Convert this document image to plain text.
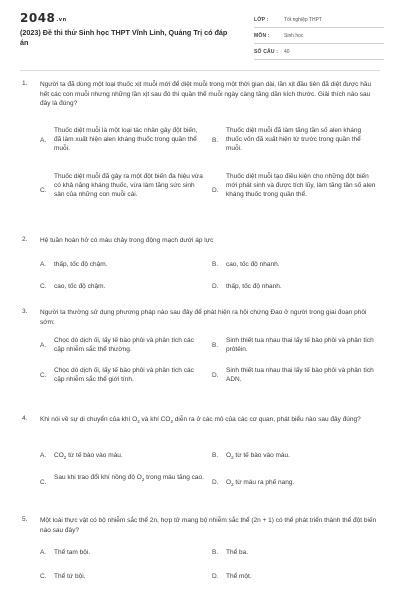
2048.vn
(2023) Đề thi thử Sinh học THPT Vĩnh Linh, Quảng Trị có đáp án
LỚP :	Tốt nghiệp THPT
MÔN :	Sinh học
SỐ CÂU : 40
1. Người ta đã dùng một loại thuốc xịt muỗi mới để diệt muỗi trong một thời gian dài, lần xịt đầu tiên đã diệt được hầu hết các con muỗi nhưng những lần xịt sau đó thì quần thể muỗi ngày càng tăng dần kích thước. Giải thích nào sau đây là đúng?
A.
Thuốc diệt muỗi là một loại tác nhân gây đột biến, đã làm xuất hiện alen kháng thuốc trong quần thể muỗi.
B.
Thuốc diệt muỗi đã làm tăng tần số alen kháng thuốc vốn đã xuất hiện từ trước trong quần thể muỗi.
C.
Thuốc diệt muỗi đã gây ra một đột biến đa hiệu vừa có khả năng kháng thuốc, vừa làm tăng sức sinh sản của những con muỗi cái.
D.
Thuốc diệt muỗi tạo điều kiện cho những đột biến mới phát sinh và được tích lũy, làm tăng tần số alen kháng thuốc trong quần thể.
2. Hệ tuần hoàn hở có máu chảy trong động mạch dưới áp lực
A. thấp, tốc độ chậm.	B. cao, tốc độ nhanh.
C. cao, tốc độ chậm.	D. thấp, tốc độ nhanh.
3. Người ta thường sử dụng phương pháp nào sau đây để phát hiện ra hội chứng Đao ở người trong giai đoạn phôi sớm:
A.
Chọc dò dịch ối, lấy tế bào phôi và phân tích các cặp nhiễm sắc thể thường.
B.
Sinh thiết tua nhau thai lấy tế bào phôi và phân tích prôtêin.
C.
Chọc dò dịch ối, lấy tế bào phôi và phân tích các cặp nhiễm sắc thể giới tính.
D.
Sinh thiết tua nhau thai lấy tế bào phôi và phân tích ADN.
4. Khi nói về sự di chuyển của khí $O_2$ và khí $CO_2$ diễn ra ở các mô của các cơ quan, phát biểu nào sau đây đúng?
A. $CO_2$ từ tế bào vào máu.	B. $O_2$ từ tế bào vào máu.
C.
Sau khi trao đổi khí nồng độ $O_2$ trong máu tăng cao.
D. $O_2$ từ máu ra phế nang.
5. Một loài thực vật có bộ nhiễm sắc thể 2n, hợp tử mang bộ nhiễm sắc thể (2n + 1) có thể phát triển thành thể đột biến nào sau đây?
A. Thể tam bội.	B. Thể ba.
C. Thể tứ bội.	D. Thể một.
